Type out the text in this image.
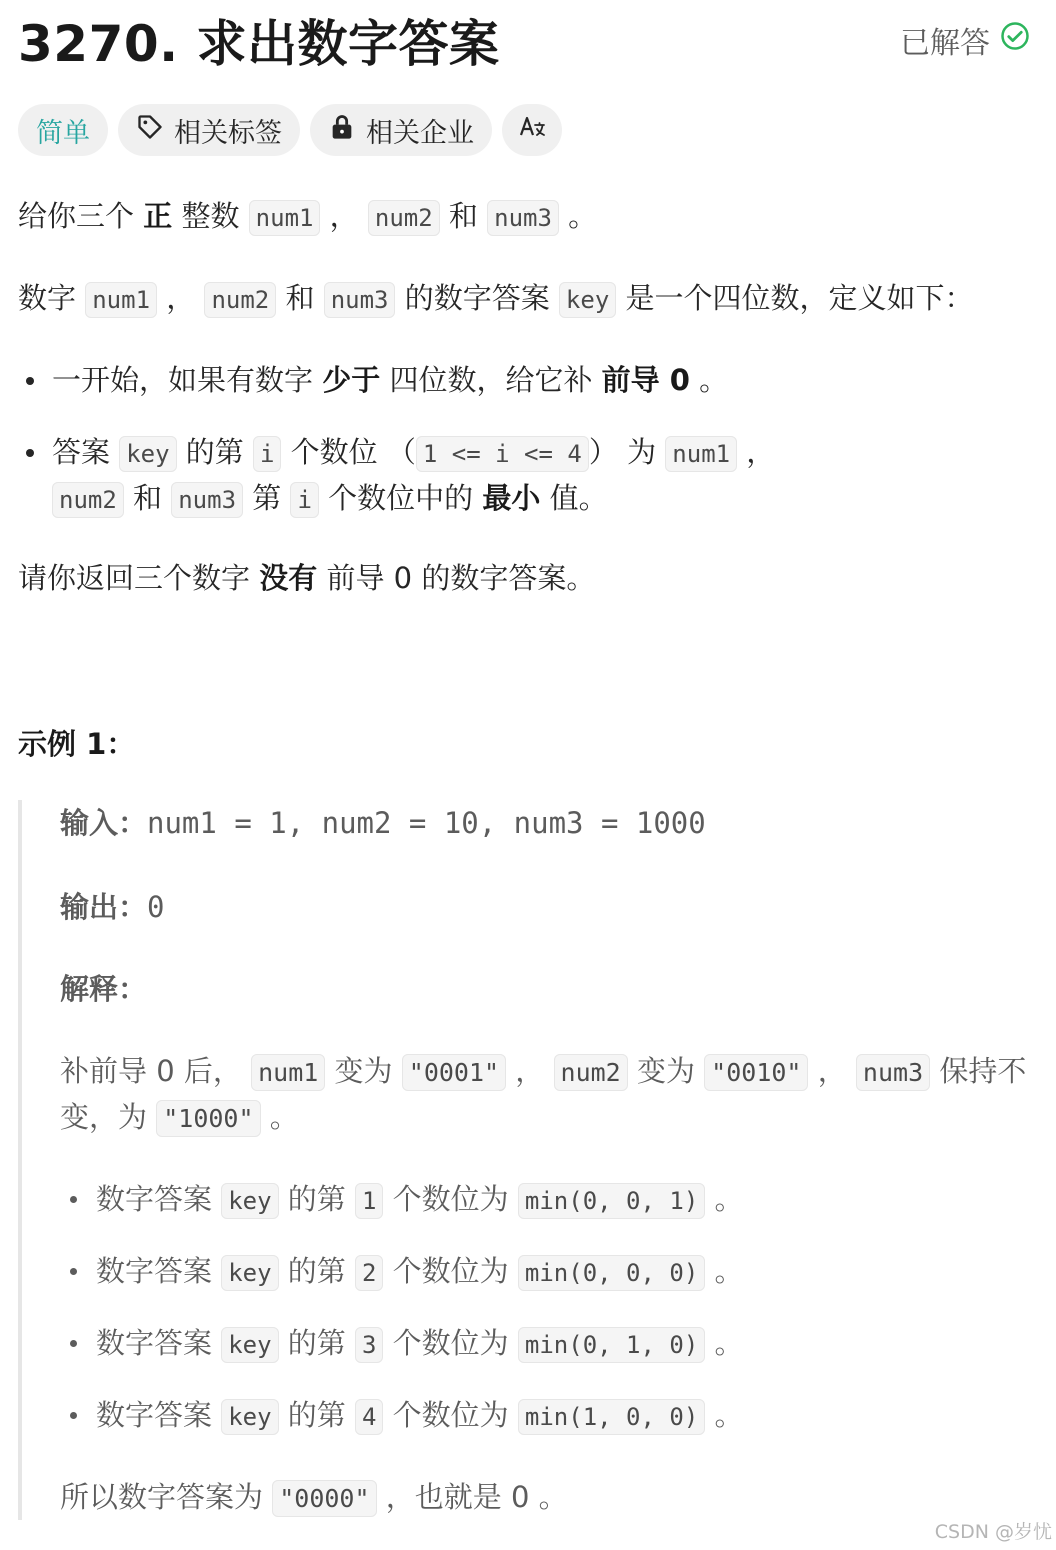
3270. 求出数字答案	已解答
简单	相关标签	相关企业
给你三个 正 整数 num1 ， num2 和 num3 。
数字 num1 ， num2 和 num3 的数字答案 key 是一个四位数，定义如下：
一开始，如果有数字 少于 四位数，给它补 前导 0 。
答案 key 的第 i 个数位 （ 1 <= i <= 4 ） 为 num1 ，
num2 和 num3 第 i 个数位中的 最小 值。
请你返回三个数字 没有 前导 0 的数字答案。
示例 1：
输入：num1 = 1, num2 = 10, num3 = 1000
输出：0
解释：
补前导 0 后， num1 变为 "0001" ， num2 变为 "0010" ， num3 保持不
变，为 "1000" 。
数字答案 key 的第 1 个数位为 min(0, 0, 1) 。
数字答案 key 的第 2 个数位为 min(0, 0, 0) 。
数字答案 key 的第 3 个数位为 min(0, 1, 0) 。
数字答案 key 的第 4 个数位为 min(1, 0, 0) 。
所以数字答案为 "0000" ，也就是 0 。
CSDN @岁忧
